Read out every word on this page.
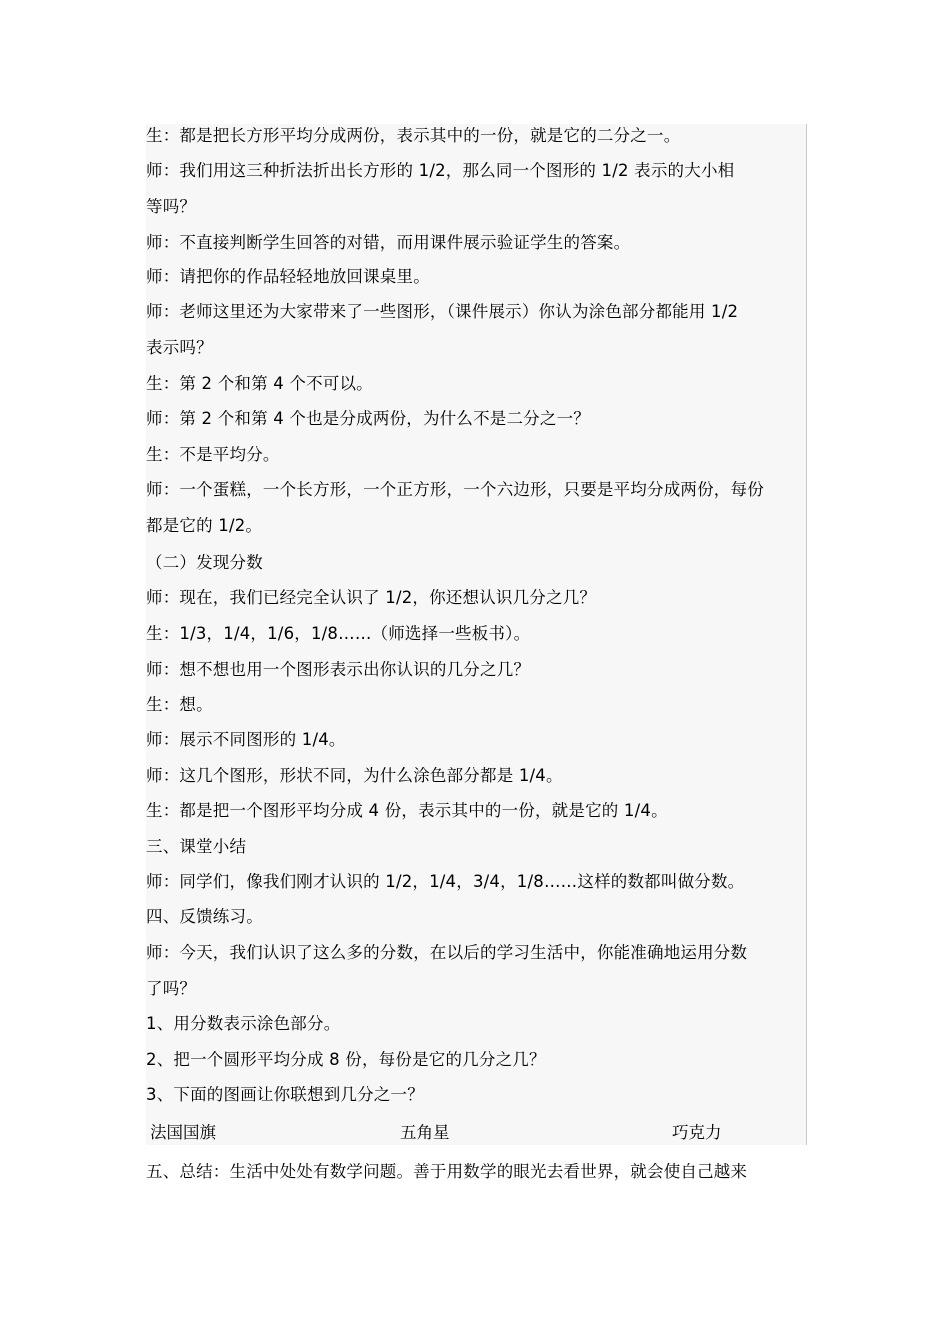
生：都是把长方形平均分成两份，表示其中的一份，就是它的二分之一。
师：我们用这三种折法折出长方形的 1/2，那么同一个图形的 1/2 表示的大小相
等吗？
师：不直接判断学生回答的对错，而用课件展示验证学生的答案。
师：请把你的作品轻轻地放回课桌里。
师：老师这里还为大家带来了一些图形，（课件展示）你认为涂色部分都能用 1/2
表示吗？
生：第 2 个和第 4 个不可以。
师：第 2 个和第 4 个也是分成两份，为什么不是二分之一？
生：不是平均分。
师：一个蛋糕，一个长方形，一个正方形，一个六边形，只要是平均分成两份，每份
都是它的 1/2。
（二）发现分数
师：现在，我们已经完全认识了 1/2，你还想认识几分之几？
生：1/3，1/4，1/6，1/8……（师选择一些板书）。
师：想不想也用一个图形表示出你认识的几分之几？
生：想。
师：展示不同图形的 1/4。
师：这几个图形，形状不同，为什么涂色部分都是 1/4。
生：都是把一个图形平均分成 4 份，表示其中的一份，就是它的 1/4。
三、课堂小结
师：同学们，像我们刚才认识的 1/2，1/4，3/4，1/8……这样的数都叫做分数。
四、反馈练习。
师：今天，我们认识了这么多的分数，在以后的学习生活中，你能准确地运用分数
了吗？
1、用分数表示涂色部分。
2、把一个圆形平均分成 8 份，每份是它的几分之几？
3、下面的图画让你联想到几分之一？
法国国旗	五角星	巧克力
五、总结：生活中处处有数学问题。善于用数学的眼光去看世界，就会使自己越来
